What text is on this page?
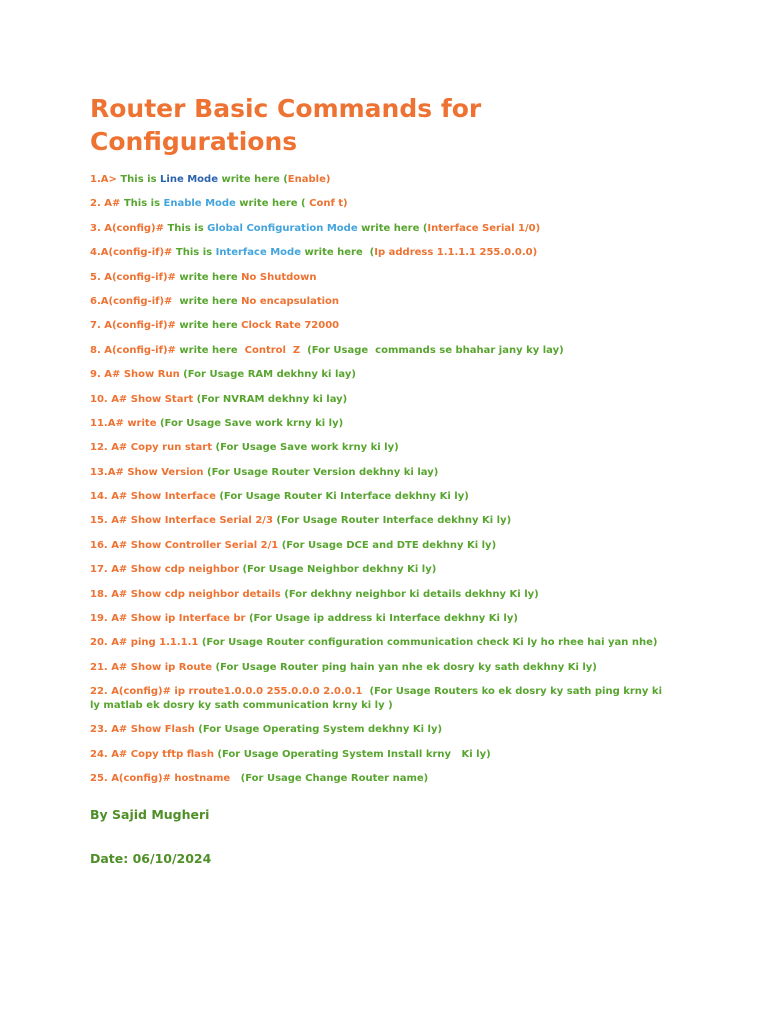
Router Basic Commands for Configurations
1.A> This is Line Mode write here (Enable)
2. A# This is Enable Mode write here ( Conf t)
3. A(config)# This is Global Configuration Mode write here (Interface Serial 1/0)
4.A(config-if)# This is Interface Mode write here  (Ip address 1.1.1.1 255.0.0.0)
5. A(config-if)# write here No Shutdown
6.A(config-if)#  write here No encapsulation
7. A(config-if)# write here Clock Rate 72000
8. A(config-if)# write here  Control  Z  (For Usage  commands se bhahar jany ky lay)
9. A# Show Run (For Usage RAM dekhny ki lay)
10. A# Show Start (For NVRAM dekhny ki lay)
11.A# write (For Usage Save work krny ki ly)
12. A# Copy run start (For Usage Save work krny ki ly)
13.A# Show Version (For Usage Router Version dekhny ki lay)
14. A# Show Interface (For Usage Router Ki Interface dekhny Ki ly)
15. A# Show Interface Serial 2/3 (For Usage Router Interface dekhny Ki ly)
16. A# Show Controller Serial 2/1 (For Usage DCE and DTE dekhny Ki ly)
17. A# Show cdp neighbor (For Usage Neighbor dekhny Ki ly)
18. A# Show cdp neighbor details (For dekhny neighbor ki details dekhny Ki ly)
19. A# Show ip Interface br (For Usage ip address ki Interface dekhny Ki ly)
20. A# ping 1.1.1.1 (For Usage Router configuration communication check Ki ly ho rhee hai yan nhe)
21. A# Show ip Route (For Usage Router ping hain yan nhe ek dosry ky sath dekhny Ki ly)
22. A(config)# ip rroute1.0.0.0 255.0.0.0 2.0.0.1  (For Usage Routers ko ek dosry ky sath ping krny ki ly matlab ek dosry ky sath communication krny ki ly )
23. A# Show Flash (For Usage Operating System dekhny Ki ly)
24. A# Copy tftp flash (For Usage Operating System Install krny   Ki ly)
25. A(config)# hostname   (For Usage Change Router name)
By Sajid Mugheri
Date: 06/10/2024
